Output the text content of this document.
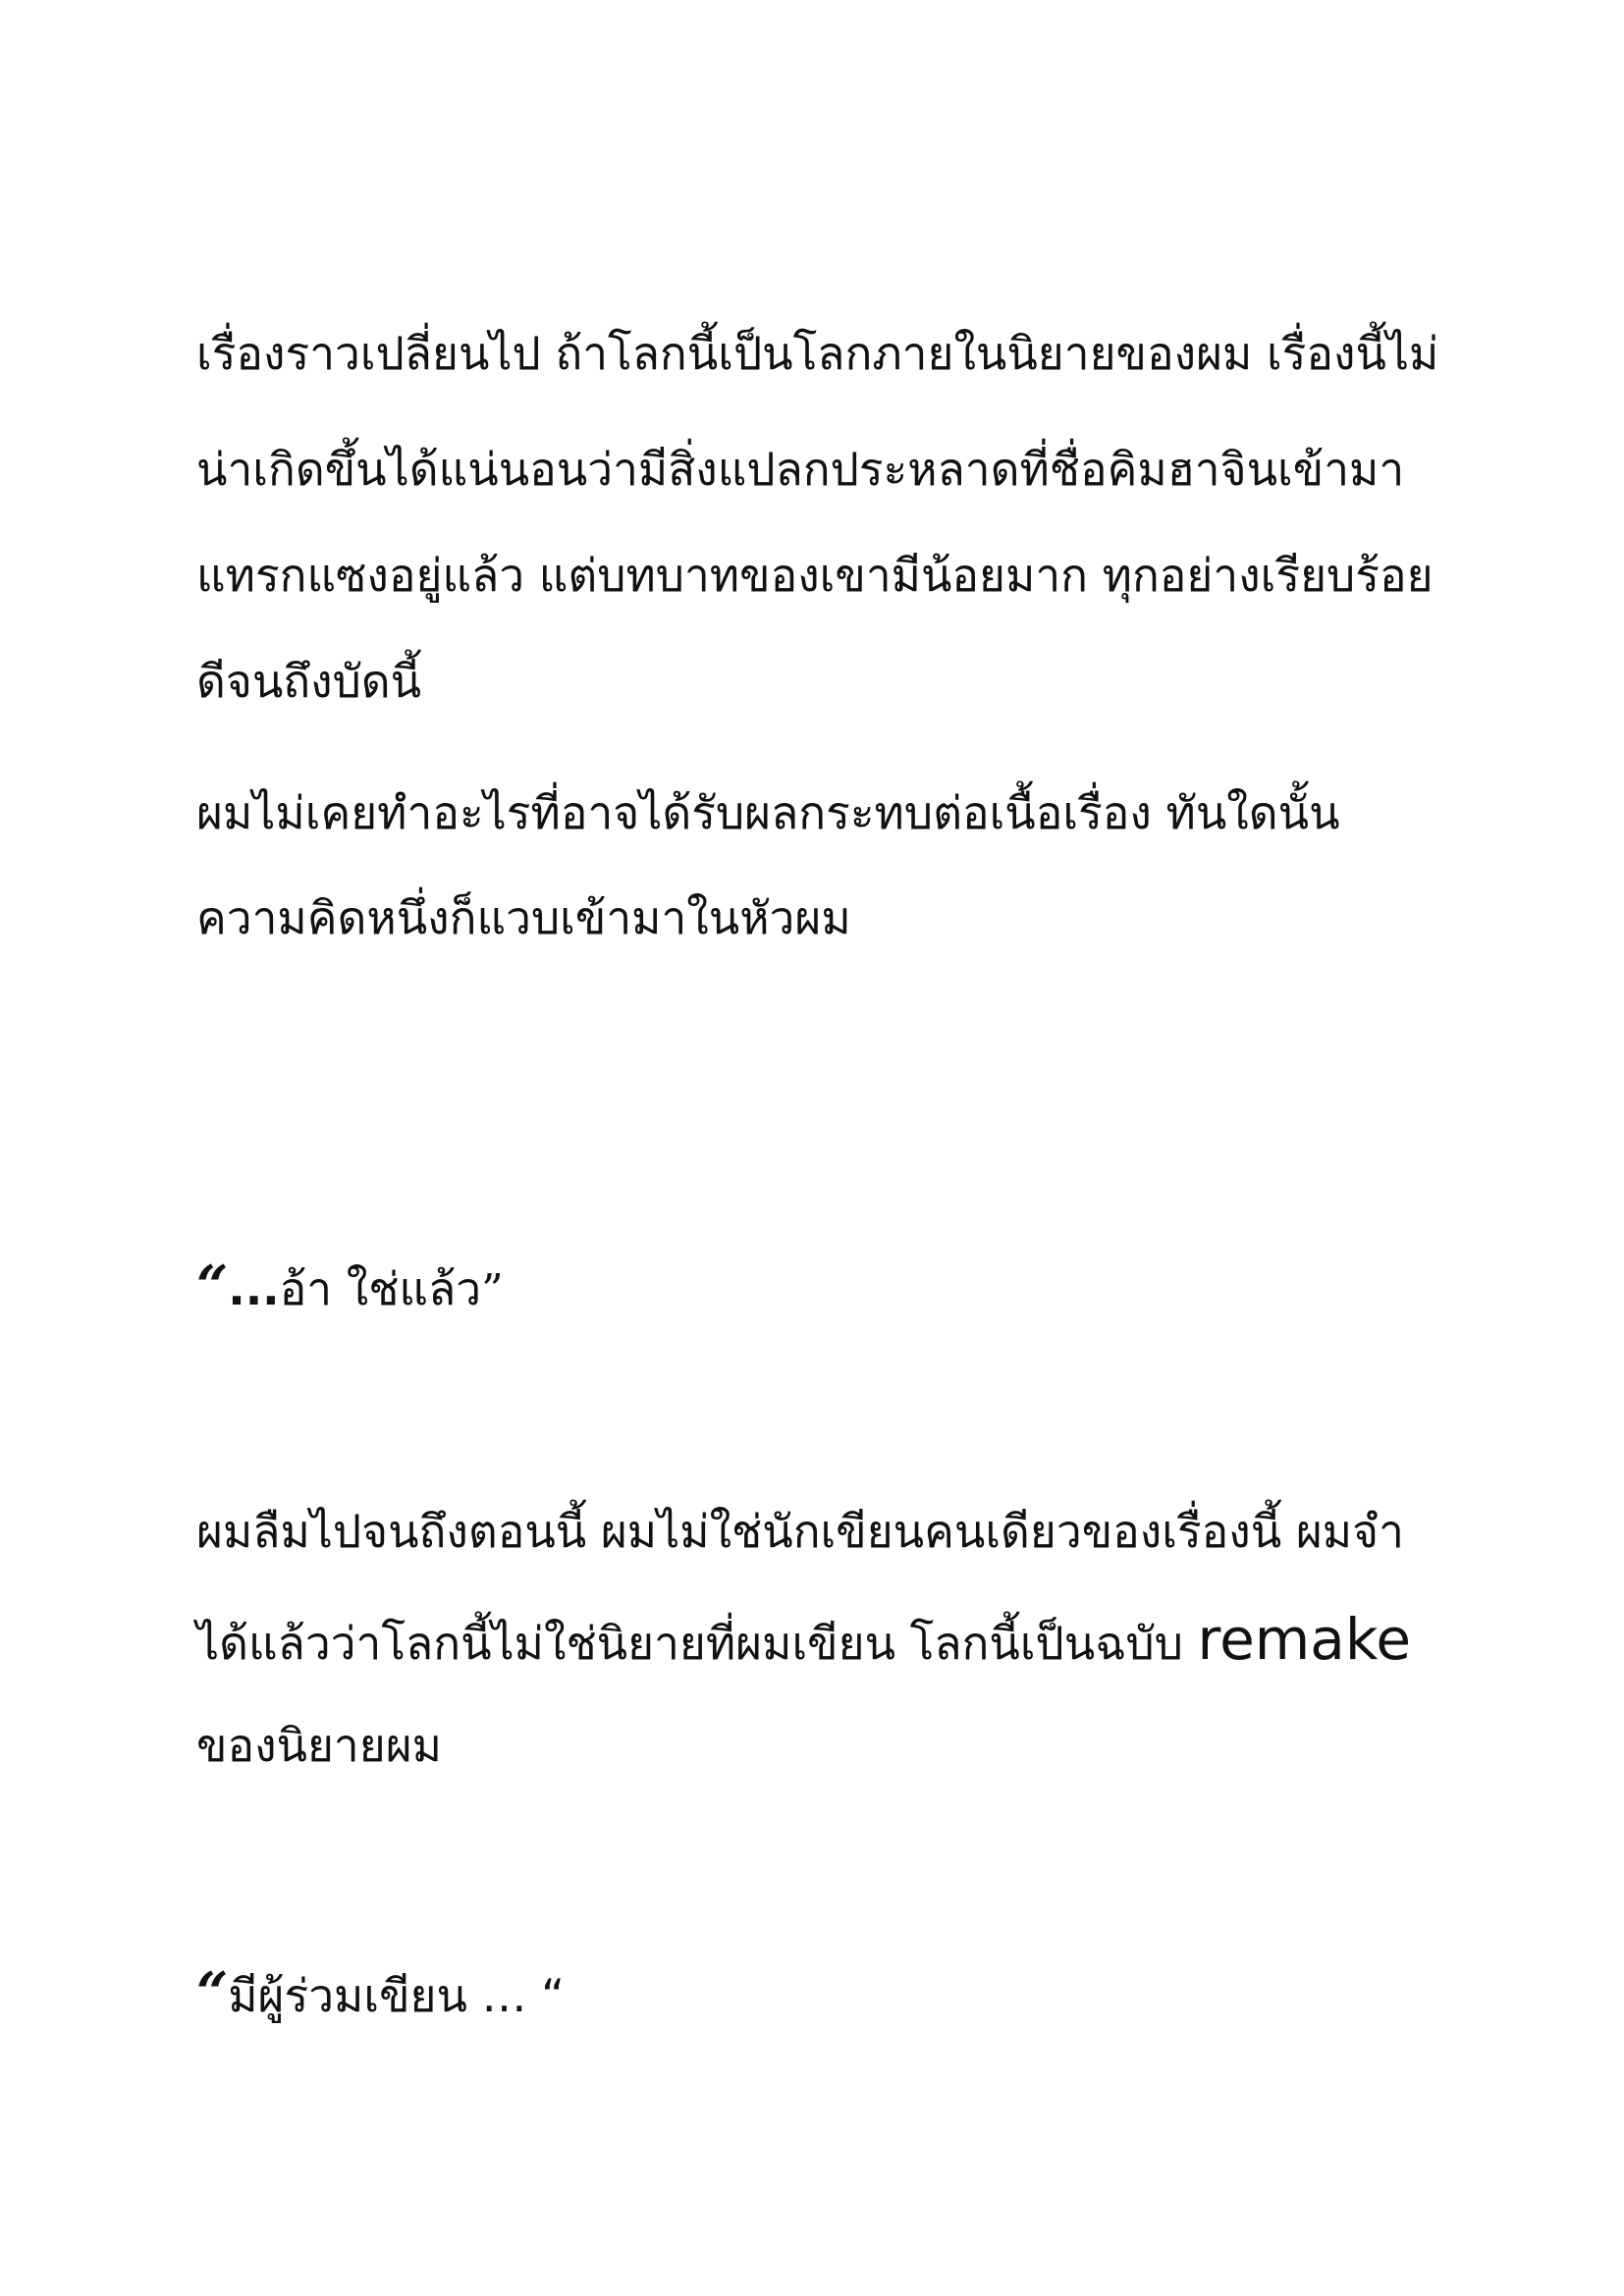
เรื่องราวเปลี่ยนไป ถ้าโลกนี้เป็นโลกภายในนิยายของผม เรื่องนี้ไม่
น่าเกิดขึ้นได้แน่นอนว่ามีสิ่งแปลกประหลาดที่ชื่อคิมฮาจินเข้ามา
แทรกแซงอยู่แล้ว แต่บทบาทของเขามีน้อยมาก ทุกอย่างเรียบร้อย
ดีจนถึงบัดนี้
ผมไม่เคยทำอะไรที่อาจได้รับผลกระทบต่อเนื้อเรื่อง ทันใดนั้น
ความคิดหนึ่งก็แวบเข้ามาในหัวผม
“...อ้า ใช่แล้ว”
ผมลืมไปจนถึงตอนนี้ ผมไม่ใช่นักเขียนคนเดียวของเรื่องนี้ ผมจำ
ได้แล้วว่าโลกนี้ไม่ใช่นิยายที่ผมเขียน โลกนี้เป็นฉบับ remake
ของนิยายผม
“มีผู้ร่วมเขียน … “
